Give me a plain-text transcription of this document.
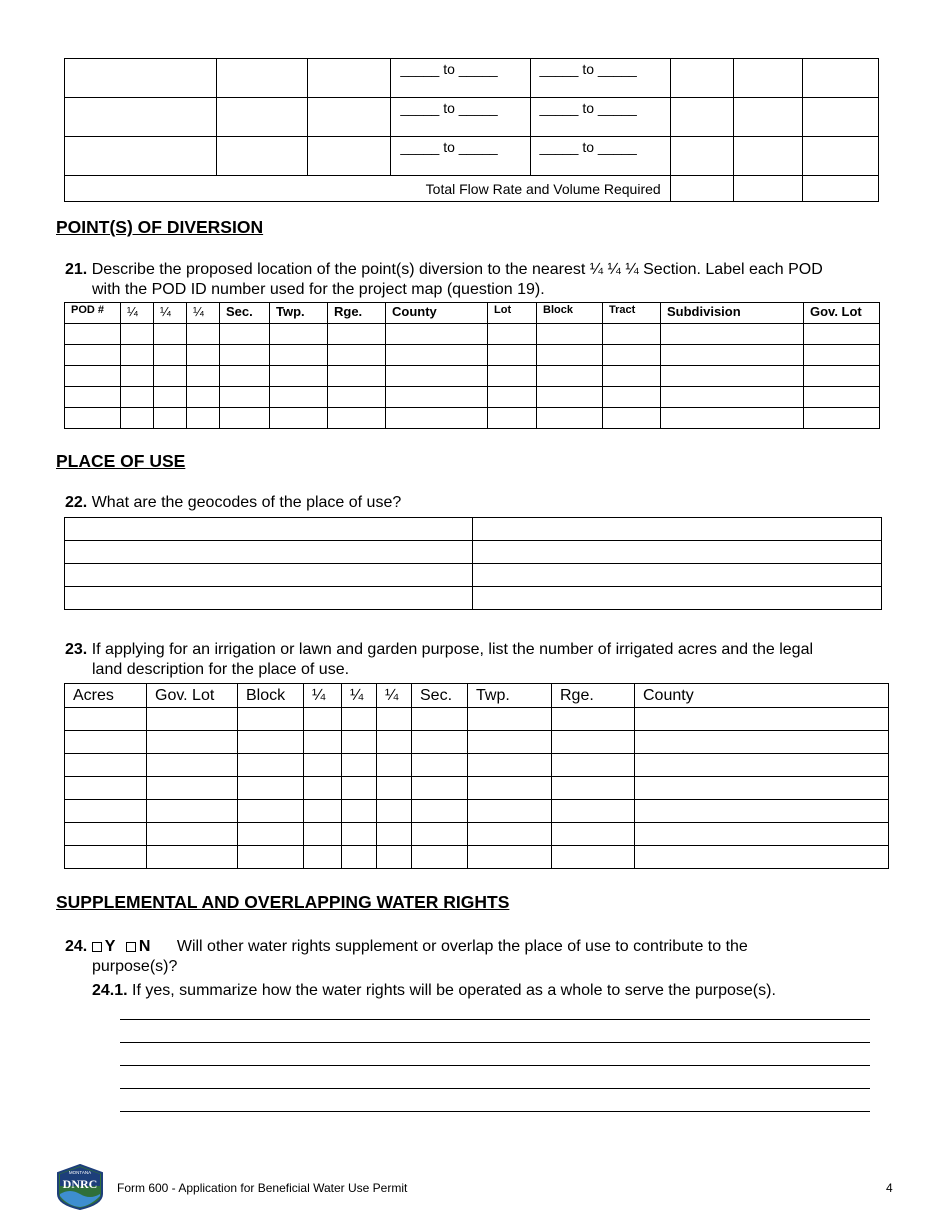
			_____ to _____	_____ to _____			
			_____ to _____	_____ to _____			
			_____ to _____	_____ to _____			
Total Flow Rate and Volume Required							
POINT(S) OF DIVERSION
21. Describe the proposed location of the point(s) diversion to the nearest ¼ ¼ ¼ Section. Label each POD
with the POD ID number used for the project map (question 19).
POD #	¼	¼	¼	Sec.	Twp.	Rge.	County	Lot	Block	Tract	Subdivision	Gov. Lot

PLACE OF USE
22. What are the geocodes of the place of use?

23. If applying for an irrigation or lawn and garden purpose, list the number of irrigated acres and the legal
land description for the place of use.
Acres	Gov. Lot	Block	¼	¼	¼	Sec.	Twp.	Rge.	County

SUPPLEMENTAL AND OVERLAPPING WATER RIGHTS
24. Y N Will other water rights supplement or overlap the place of use to contribute to the
purpose(s)?
24.1. If yes, summarize how the water rights will be operated as a whole to serve the purpose(s).
MONTANA
DNRC Form 600 - Application for Beneficial Water Use Permit	4
